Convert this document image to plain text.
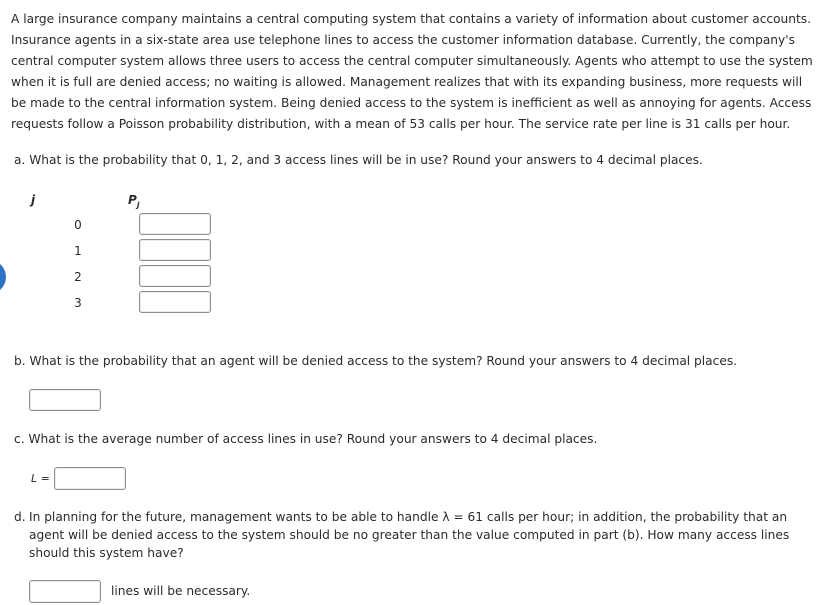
A large insurance company maintains a central computing system that contains a variety of information about customer accounts. Insurance agents in a six-state area use telephone lines to access the customer information database. Currently, the company's central computer system allows three users to access the central computer simultaneously. Agents who attempt to use the system when it is full are denied access; no waiting is allowed. Management realizes that with its expanding business, more requests will be made to the central information system. Being denied access to the system is inefficient as well as annoying for agents. Access requests follow a Poisson probability distribution, with a mean of 53 calls per hour. The service rate per line is 31 calls per hour.

a. What is the probability that 0, 1, 2, and 3 access lines will be in use? Round your answers to 4 decimal places.

j	$P_j$
0
1
2
3

b. What is the probability that an agent will be denied access to the system? Round your answers to 4 decimal places.

c. What is the average number of access lines in use? Round your answers to 4 decimal places.

L =
d. In planning for the future, management wants to be able to handle λ = 61 calls per hour; in addition, the probability that an agent will be denied access to the system should be no greater than the value computed in part (b). How many access lines should this system have?
lines will be necessary.
